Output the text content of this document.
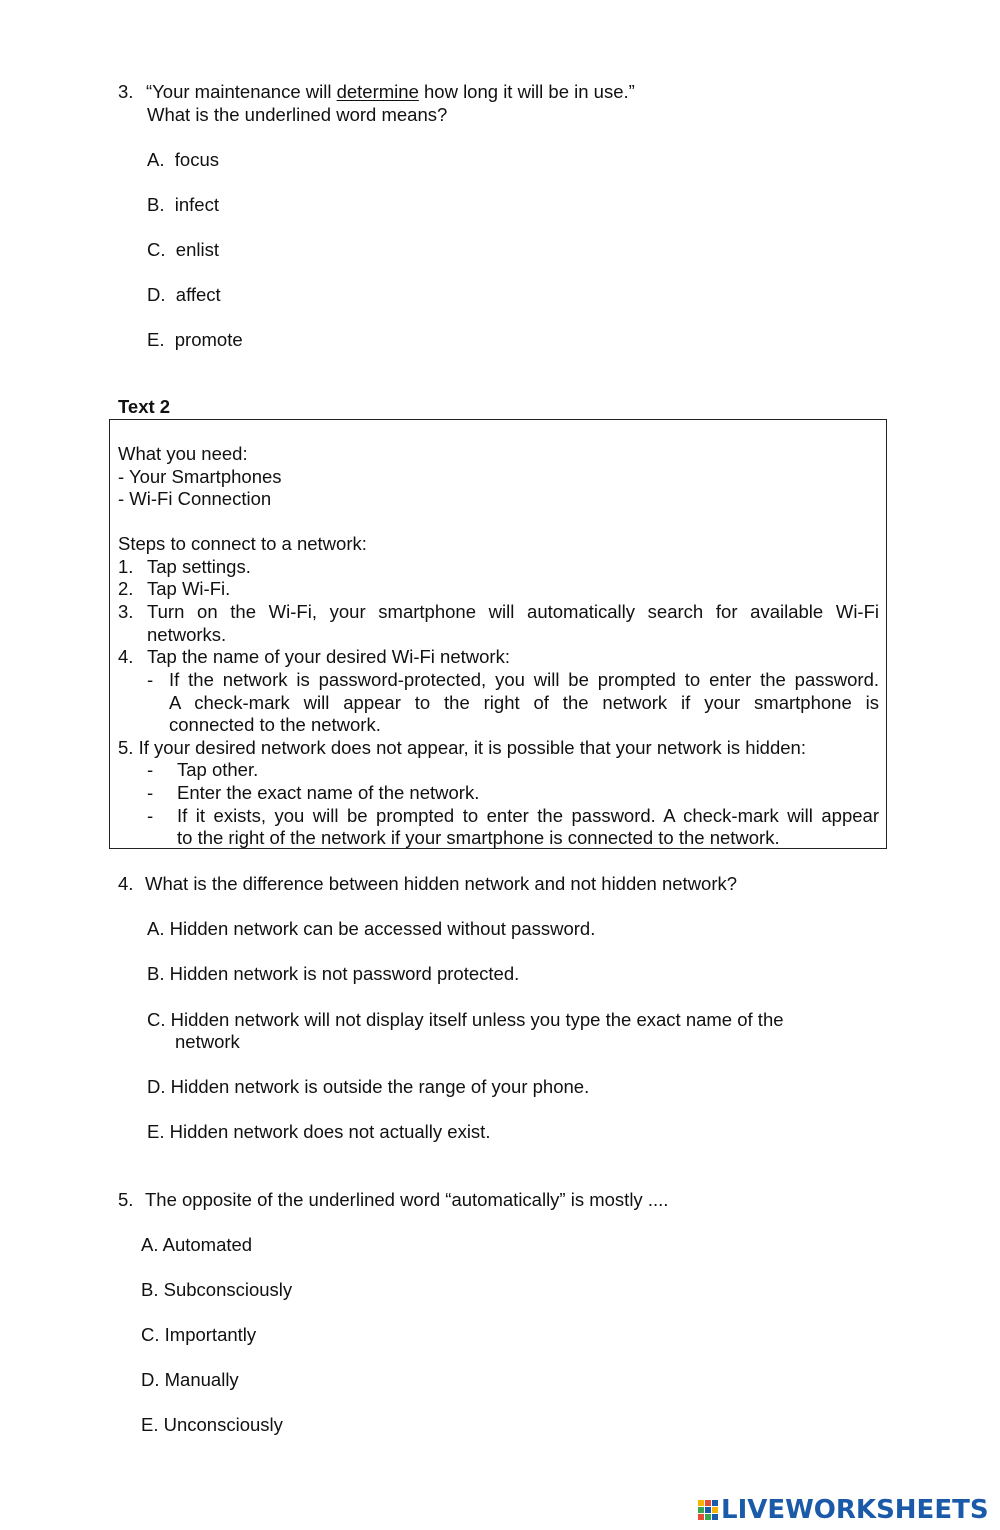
3. “Your maintenance will determine how long it will be in use.”
What is the underlined word means?
A. focus
B. infect
C. enlist
D. affect
E. promote
Text 2
What you need:
- Your Smartphones
- Wi-Fi Connection
Steps to connect to a network:
1. Tap settings.
2. Tap Wi-Fi.
3. Turn on the Wi-Fi, your smartphone will automatically search for available Wi-Fi
networks.
4. Tap the name of your desired Wi-Fi network:
- If the network is password-protected, you will be prompted to enter the password.
A check-mark will appear to the right of the network if your smartphone is
connected to the network.
5. If your desired network does not appear, it is possible that your network is hidden:
- Tap other.
- Enter the exact name of the network.
- If it exists, you will be prompted to enter the password. A check-mark will appear
to the right of the network if your smartphone is connected to the network.
4. What is the difference between hidden network and not hidden network?
A. Hidden network can be accessed without password.
B. Hidden network is not password protected.
C. Hidden network will not display itself unless you type the exact name of the
network
D. Hidden network is outside the range of your phone.
E. Hidden network does not actually exist.
5. The opposite of the underlined word “automatically” is mostly ....
A. Automated
B. Subconsciously
C. Importantly
D. Manually
E. Unconsciously
LIVEWORKSHEETS
